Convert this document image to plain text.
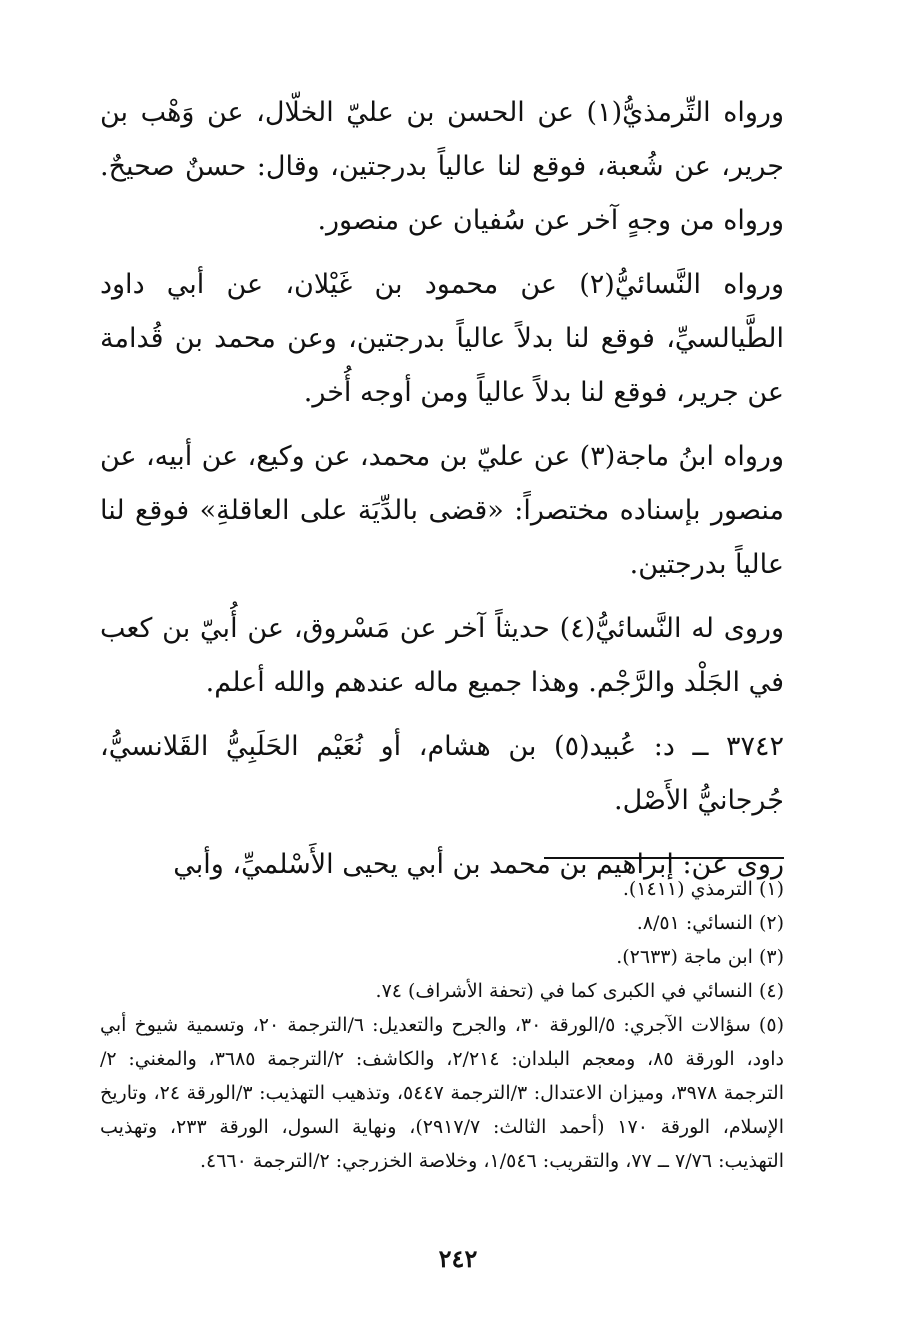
ورواه التِّرمذيُّ(١) عن الحسن بن عليّ الخلّال، عن وَهْب بن جرير، عن شُعبة، فوقع لنا عالياً بدرجتين، وقال: حسنٌ صحيحٌ. ورواه من وجهٍ آخر عن سُفيان عن منصور.

ورواه النَّسائيُّ(٢) عن محمود بن غَيْلان، عن أبي داود الطَّيالسيِّ، فوقع لنا بدلاً عالياً بدرجتين، وعن محمد بن قُدامة عن جرير، فوقع لنا بدلاً عالياً ومن أوجه أُخر.

ورواه ابنُ ماجة(٣) عن عليّ بن محمد، عن وكيع، عن أبيه، عن منصور بإسناده مختصراً: «قضى بالدِّيَة على العاقلةِ» فوقع لنا عالياً بدرجتين.

وروى له النَّسائيُّ(٤) حديثاً آخر عن مَسْروق، عن أُبيّ بن كعب في الجَلْد والرَّجْم. وهذا جميع ماله عندهم والله أعلم.

٣٧٤٢ ــ د: عُبيد(٥) بن هشام، أو نُعَيْم الحَلَبِيُّ القَلانسيُّ، جُرجانيُّ الأَصْل.

روى عن: إبراهيم بن محمد بن أبي يحيى الأَسْلميِّ، وأبي

(١) الترمذي (١٤١١).

(٢) النسائي: ٨/٥١.

(٣) ابن ماجة (٢٦٣٣).

(٤) النسائي في الكبرى كما في (تحفة الأشراف) ٧٤.

(٥) سؤالات الآجري: ٥/الورقة ٣٠، والجرح والتعديل: ٦/الترجمة ٢٠، وتسمية شيوخ أبي داود، الورقة ٨٥، ومعجم البلدان: ٢/٢١٤، والكاشف: ٢/الترجمة ٣٦٨٥، والمغني: ٢/الترجمة ٣٩٧٨، وميزان الاعتدال: ٣/الترجمة ٥٤٤٧، وتذهيب التهذيب: ٣/الورقة ٢٤، وتاريخ الإسلام، الورقة ١٧٠ (أحمد الثالث: ٢٩١٧/٧)، ونهاية السول، الورقة ٢٣٣، وتهذيب التهذيب: ٧/٧٦ ــ ٧٧، والتقريب: ١/٥٤٦، وخلاصة الخزرجي: ٢/الترجمة ٤٦٦٠.

٢٤٢
